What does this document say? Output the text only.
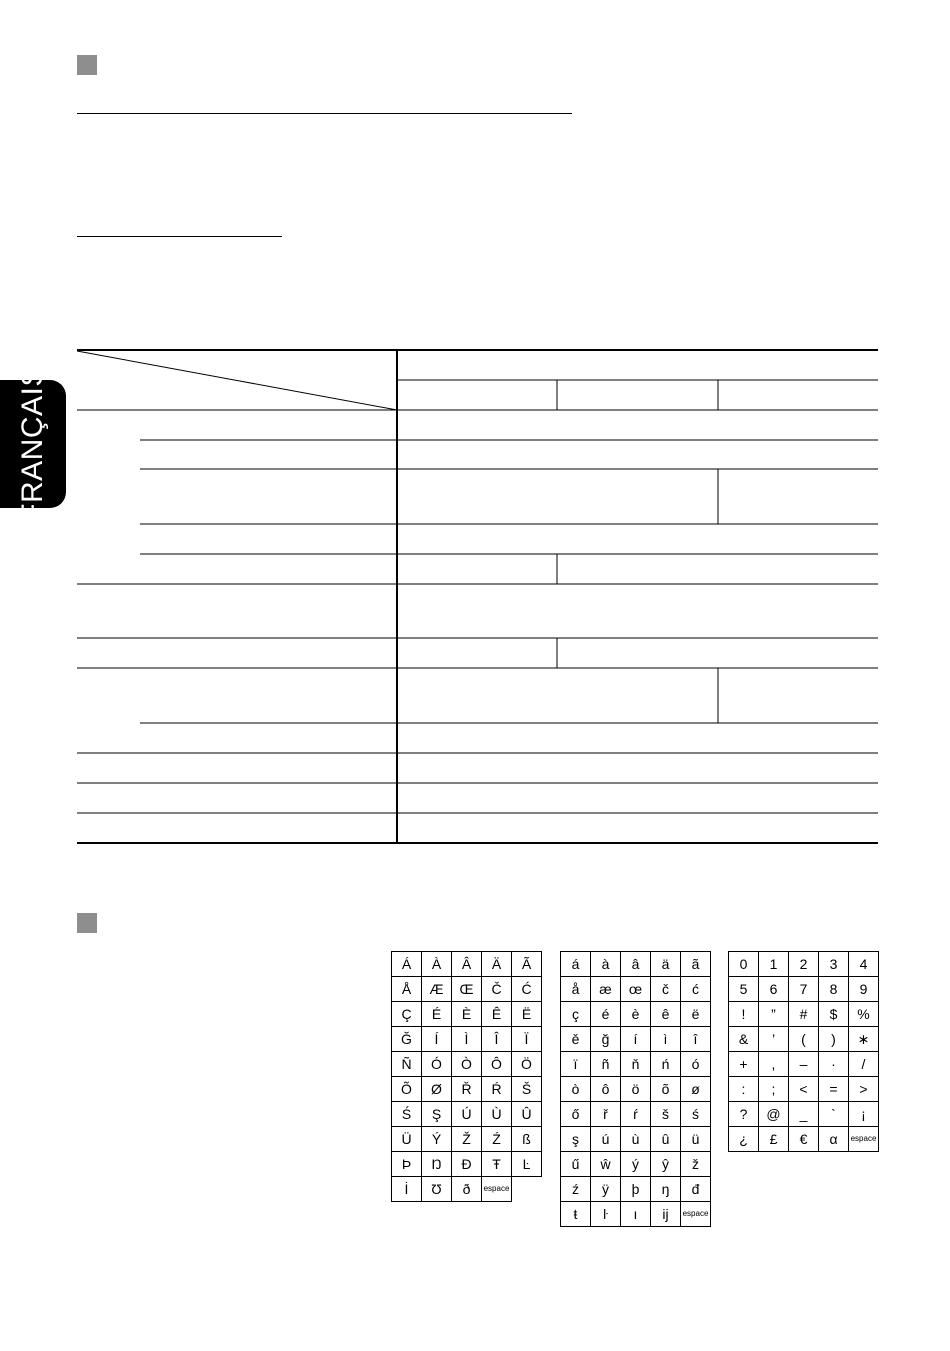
FRANÇAIS
Á	À	Â	Ä	Ã
Å	Æ	Œ	Č	Ć
Ç	É	È	Ê	Ë
Ğ	Í	Ì	Î	Ï
Ñ	Ó	Ò	Ô	Ö
Õ	Ø	Ř	Ŕ	Š
Ś	Ş	Ú	Ù	Û
Ü	Ý	Ž	Ź	ß
Þ	Ŋ	Đ	Ŧ	Ŀ
İ	Ʊ	ð	espace	
á	à	â	ä	ã
å	æ	œ	č	ć
ç	é	è	ê	ë
ě	ğ	í	ì	î
ï	ñ	ň	ń	ó
ò	ô	ö	õ	ø
ő	ř	ŕ	š	ś
ş	ú	ù	û	ü
ű	ŵ	ý	ŷ	ž
ź	ÿ	þ	ŋ	đ
ŧ	ŀ	ı	ij	espace
0	1	2	3	4
5	6	7	8	9
!	”	#	$	%
&	’	(	)	∗
+	,	–	·	/
:	;	<	=	>
?	@	_	`	¡
¿	£	€	α	espace
